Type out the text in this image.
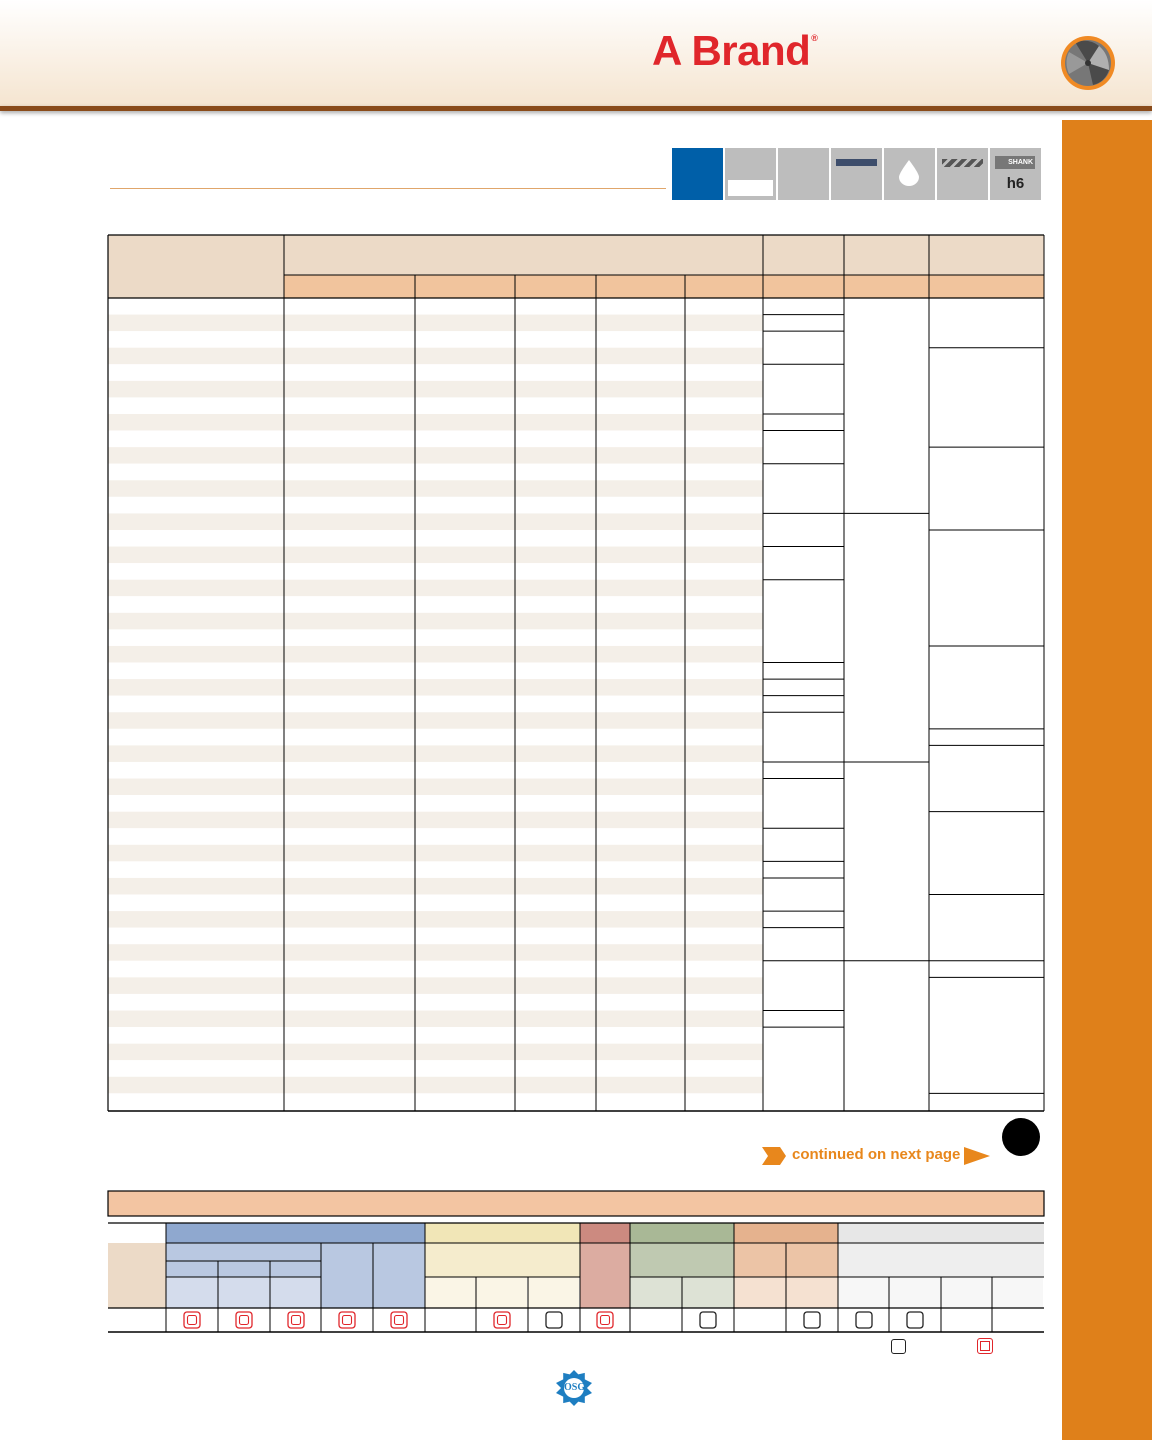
A Brand®
SHANK
h6
continued on next page
OSG
